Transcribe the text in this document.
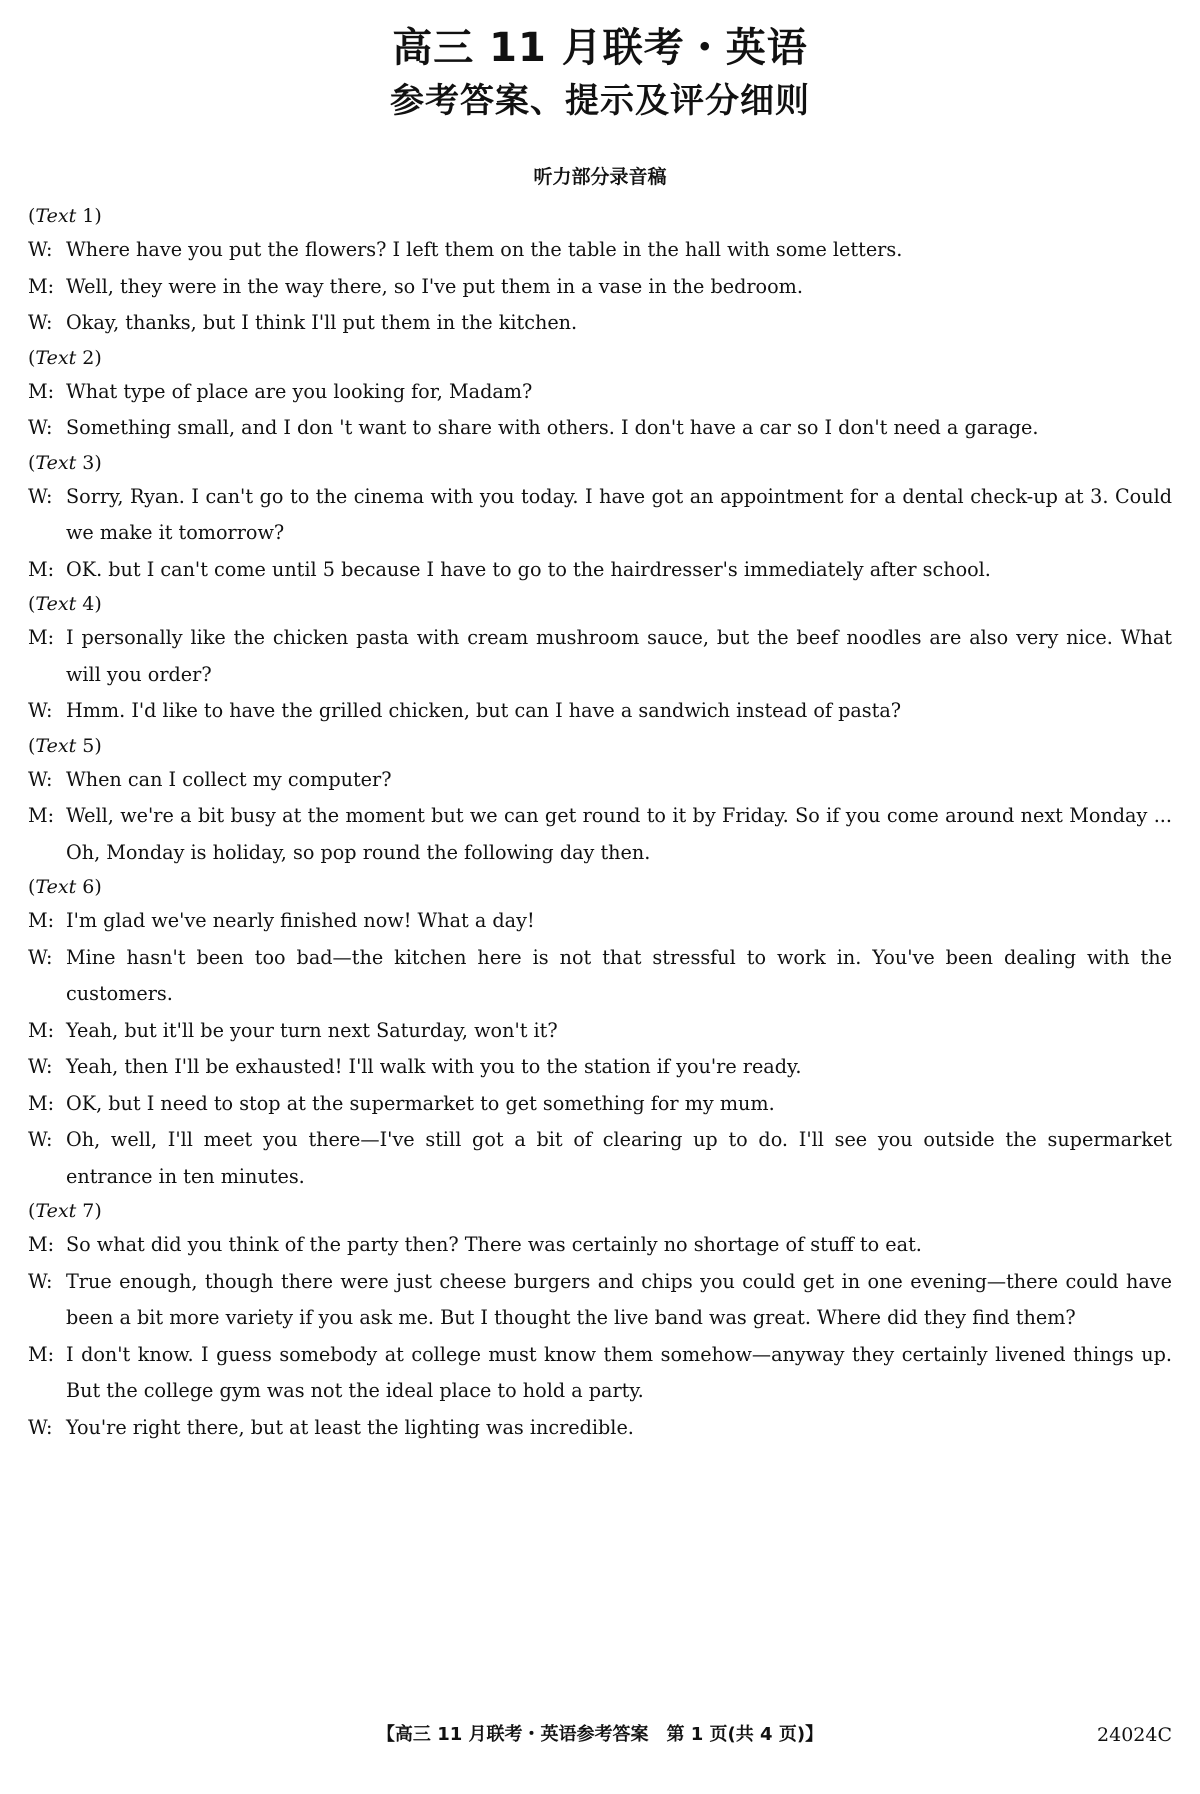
高三 11 月联考・英语
参考答案、提示及评分细则
听力部分录音稿

(Text 1)

W: Where have you put the flowers? I left them on the table in the hall with some letters.

M: Well, they were in the way there, so I've put them in a vase in the bedroom.

W: Okay, thanks, but I think I'll put them in the kitchen.

(Text 2)

M: What type of place are you looking for, Madam?

W: Something small, and I don 't want to share with others. I don't have a car so I don't need a garage.

(Text 3)

W: Sorry, Ryan. I can't go to the cinema with you today. I have got an appointment for a dental check-up at 3. Could we make it tomorrow?

M: OK. but I can't come until 5 because I have to go to the hairdresser's immediately after school.

(Text 4)

M: I personally like the chicken pasta with cream mushroom sauce, but the beef noodles are also very nice. What will you order?

W: Hmm. I'd like to have the grilled chicken, but can I have a sandwich instead of pasta?

(Text 5)

W: When can I collect my computer?

M: Well, we're a bit busy at the moment but we can get round to it by Friday. So if you come around next Monday ... Oh, Monday is holiday, so pop round the following day then.

(Text 6)

M: I'm glad we've nearly finished now! What a day!

W: Mine hasn't been too bad—the kitchen here is not that stressful to work in. You've been dealing with the customers.

M: Yeah, but it'll be your turn next Saturday, won't it?

W: Yeah, then I'll be exhausted! I'll walk with you to the station if you're ready.

M: OK, but I need to stop at the supermarket to get something for my mum.

W: Oh, well, I'll meet you there—I've still got a bit of clearing up to do. I'll see you outside the supermarket entrance in ten minutes.

(Text 7)

M: So what did you think of the party then? There was certainly no shortage of stuff to eat.

W: True enough, though there were just cheese burgers and chips you could get in one evening—there could have been a bit more variety if you ask me. But I thought the live band was great. Where did they find them?

M: I don't know. I guess somebody at college must know them somehow—anyway they certainly livened things up. But the college gym was not the ideal place to hold a party.

W: You're right there, but at least the lighting was incredible.

【高三 11 月联考・英语参考答案　第 1 页(共 4 页)】	24024C
